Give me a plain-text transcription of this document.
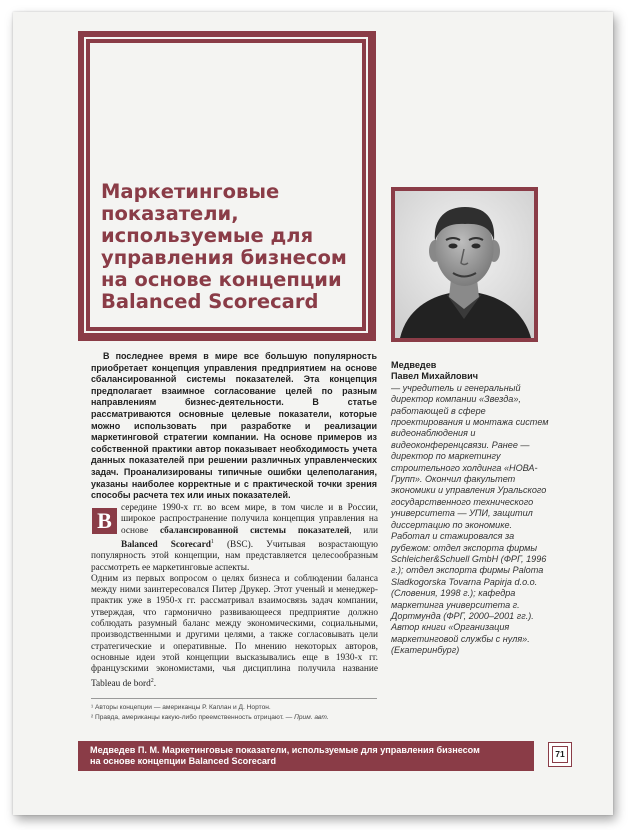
Маркетинговые показатели, используемые для управления бизнесом на основе концепции Balanced Scorecard

В последнее время в мире все большую популярность приобретает концепция управления предприятием на основе сбалансированной системы показателей. Эта концепция предполагает взаимное согласование целей по разным направлениям бизнес-деятельности. В статье рассматриваются основные целевые показатели, которые можно использовать при разработке и реализации маркетинговой стратегии компании. На основе примеров из собственной практики автор показывает необходимость учета данных показателей при решении различных управленческих задач. Проанализированы типичные ошибки целеполагания, указаны наиболее корректные и с практической точки зрения способы расчета тех или иных показателей.

В середине 1990-х гг. во всем мире, в том числе и в России, широкое распространение получила концепция управления на основе сбалансированной системы показателей, или Balanced Scorecard$^1$ (BSC). Учитывая возрастающую популярность этой концепции, нам представляется целесообразным рассмотреть ее маркетинговые аспекты.
Одним из первых вопросом о целях бизнеса и соблюдении баланса между ними заинтересовался Питер Друкер. Этот ученый и менеджер-практик уже в 1950-х гг. рассматривал взаимосвязь задач компании, утверждая, что гармонично развивающееся предприятие должно соблюдать разумный баланс между экономическими, социальными, производственными и другими целями, а также согласовывать цели стратегические и оперативные. По мнению некоторых авторов, основные идеи этой концепции высказывались еще в 1930-х гг. французскими экономистами, чья дисциплина получила название Tableau de bord$^2$.
¹ Авторы концепции — американцы Р. Каплан и Д. Нортон.
² Правда, американцы какую-либо преемственность отрицают. — Прим. авт.
Медведев
Павел Михайлович
— учредитель и генеральный директор компании «Звезда», работающей в сфере проектирования и монтажа систем видеонаблюдения и видеоконференцсвязи. Ранее — директор по маркетингу строительного холдинга «НОВА-Групп». Окончил факультет экономики и управления Уральского государственного технического университета — УПИ, защитил диссертацию по экономике. Работал и стажировался за рубежом: отдел экспорта фирмы Schleicher&Schuell GmbH (ФРГ, 1996 г.); отдел экспорта фирмы Paloma Sladkogorska Tovarna Papirja d.o.o. (Словения, 1998 г.); кафедра маркетинга университета г. Дортмунда (ФРГ, 2000–2001 гг.). Автор книги «Организация маркетинговой службы с нуля». (Екатеринбург)
Медведев П. М. Маркетинговые показатели, используемые для управления бизнесом
на основе концепции Balanced Scorecard
71
